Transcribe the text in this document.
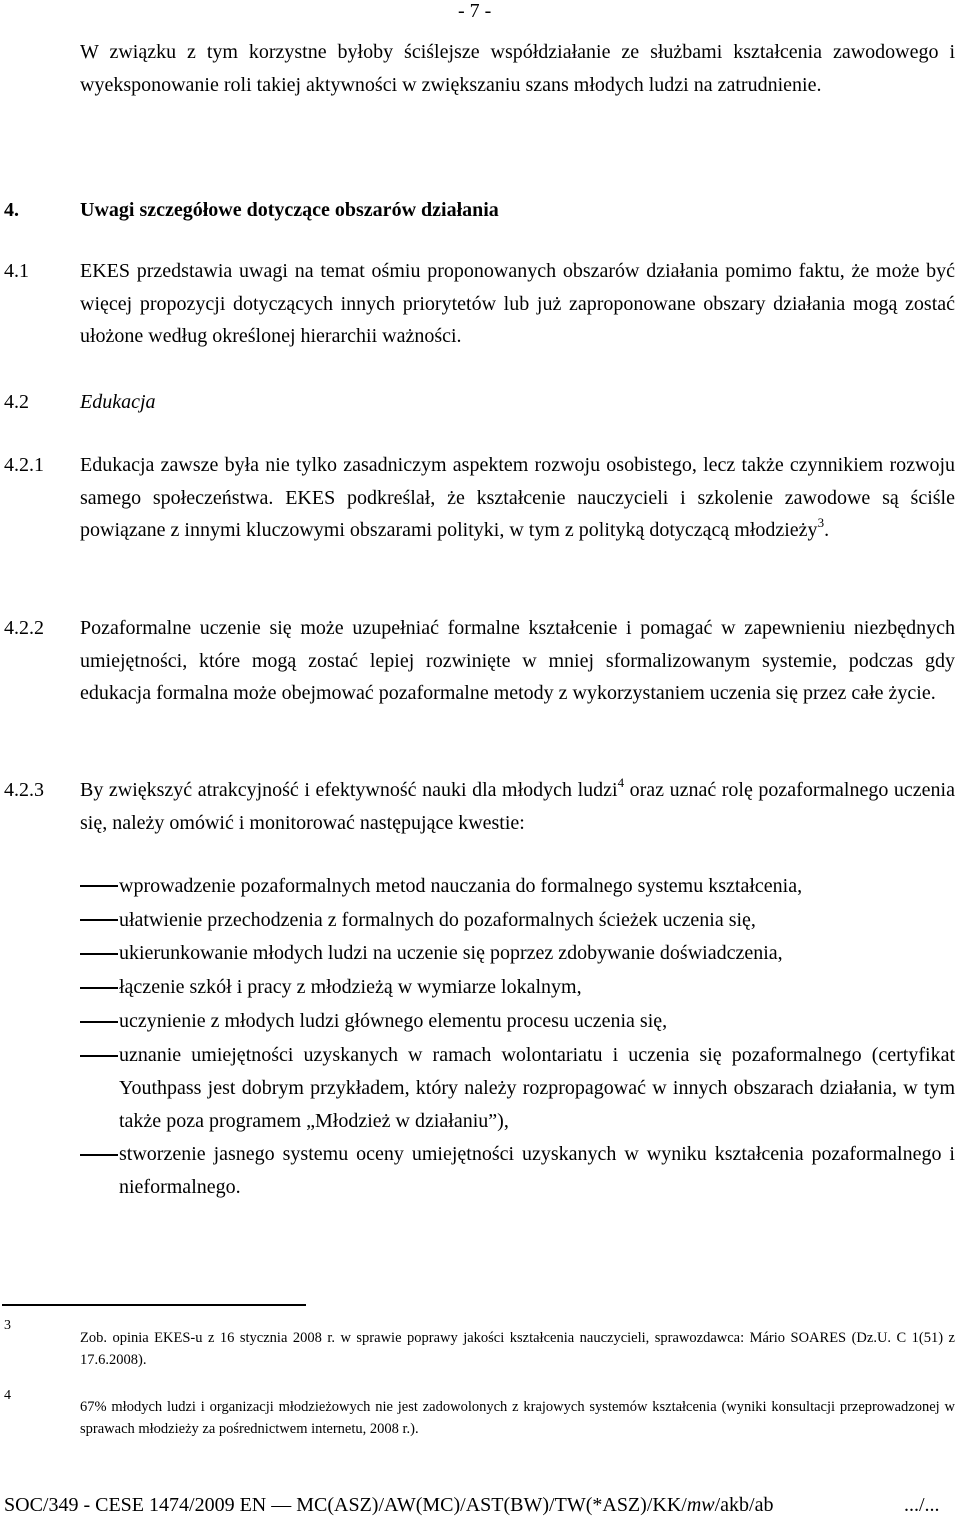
- 7 -

W związku z tym korzystne byłoby ściślejsze współdziałanie ze służbami kształcenia zawodowego i wyeksponowanie roli takiej aktywności w zwiększaniu szans młodych ludzi na zatrudnienie.

4.	Uwagi szczegółowe dotyczące obszarów działania
4.1	EKES przedstawia uwagi na temat ośmiu proponowanych obszarów działania pomimo faktu, że może być więcej propozycji dotyczących innych priorytetów lub już zaproponowane obszary działania mogą zostać ułożone według określonej hierarchii ważności.

4.2	Edukacja
4.2.1 Edukacja zawsze była nie tylko zasadniczym aspektem rozwoju osobistego, lecz także czynnikiem rozwoju samego społeczeństwa. EKES podkreślał, że kształcenie nauczycieli i szkolenie zawodowe są ściśle powiązane z innymi kluczowymi obszarami polityki, w tym z polityką dotyczącą młodzieży$^3$.

4.2.2 Pozaformalne uczenie się może uzupełniać formalne kształcenie i pomagać w zapewnieniu niezbędnych umiejętności, które mogą zostać lepiej rozwinięte w mniej sformalizowanym systemie, podczas gdy edukacja formalna może obejmować pozaformalne metody z wykorzystaniem uczenia się przez całe życie.

4.2.3 By zwiększyć atrakcyjność i efektywność nauki dla młodych ludzi$^4$ oraz uznać rolę pozaformalnego uczenia się, należy omówić i monitorować następujące kwestie:

wprowadzenie pozaformalnych metod nauczania do formalnego systemu kształcenia,
ułatwienie przechodzenia z formalnych do pozaformalnych ścieżek uczenia się,
ukierunkowanie młodych ludzi na uczenie się poprzez zdobywanie doświadczenia,
łączenie szkół i pracy z młodzieżą w wymiarze lokalnym,
uczynienie z młodych ludzi głównego elementu procesu uczenia się,
uznanie umiejętności uzyskanych w ramach wolontariatu i uczenia się pozaformalnego (certyfikat Youthpass jest dobrym przykładem, który należy rozpropagować w innych obszarach działania, w tym także poza programem „Młodzież w działaniu”),
stworzenie jasnego systemu oceny umiejętności uzyskanych w wyniku kształcenia pozaformalnego i nieformalnego.
3
Zob. opinia EKES-u z 16 stycznia 2008 r. w sprawie poprawy jakości kształcenia nauczycieli, sprawozdawca: Mário SOARES (Dz.U. C 1(51) z 17.6.2008).
4
67% młodych ludzi i organizacji młodzieżowych nie jest zadowolonych z krajowych systemów kształcenia (wyniki konsultacji przeprowadzonej w sprawach młodzieży za pośrednictwem internetu, 2008 r.).
SOC/349 - CESE 1474/2009 EN — MC(ASZ)/AW(MC)/AST(BW)/TW(*ASZ)/KK/mw/akb/ab	.../...
